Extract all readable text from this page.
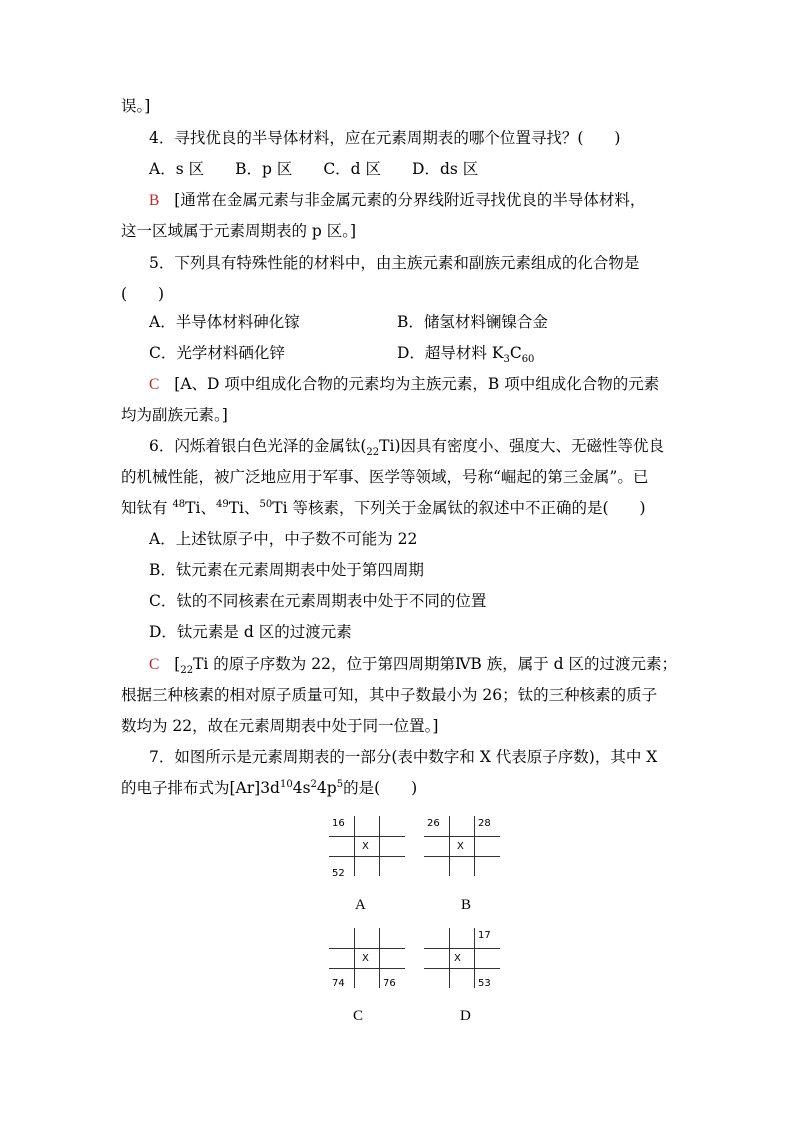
误。]
4．寻找优良的半导体材料，应在元素周期表的哪个位置寻找？(　　)
A．s 区　　B．p 区　　C．d 区　　D．ds 区
B [通常在金属元素与非金属元素的分界线附近寻找优良的半导体材料，
这一区域属于元素周期表的 p 区。]
5．下列具有特殊性能的材料中，由主族元素和副族元素组成的化合物是
(　　)
A．半导体材料砷化镓	B．储氢材料镧镍合金
C．光学材料硒化锌	D．超导材料 $K_3C_{60}$
C [A、D 项中组成化合物的元素均为主族元素，B 项中组成化合物的元素
均为副族元素。]
6．闪烁着银白色光泽的金属钛$(_{22}Ti)$因具有密度小、强度大、无磁性等优良
的机械性能，被广泛地应用于军事、医学等领域，号称“崛起的第三金属”。已
知钛有 $^{48}$Ti、$^{49}$Ti、$^{50}$Ti 等核素，下列关于金属钛的叙述中不正确的是(　　)
A．上述钛原子中，中子数不可能为 22
B．钛元素在元素周期表中处于第四周期
C．钛的不同核素在元素周期表中处于不同的位置
D．钛元素是 d 区的过渡元素
C [$_{22}Ti$ 的原子序数为 22，位于第四周期第ⅣB 族，属于 d 区的过渡元素；
根据三种核素的相对原子质量可知，其中子数最小为 26；钛的三种核素的质子
数均为 22，故在元素周期表中处于同一位置。]
7．如图所示是元素周期表的一部分(表中数字和 X 代表原子序数)，其中 X
的电子排布式为$[Ar]3d^{10}4s^24p^5$的是(　　)
16
X
52
A
26	28
X
B
X
74	76
C
17
X
53
D
